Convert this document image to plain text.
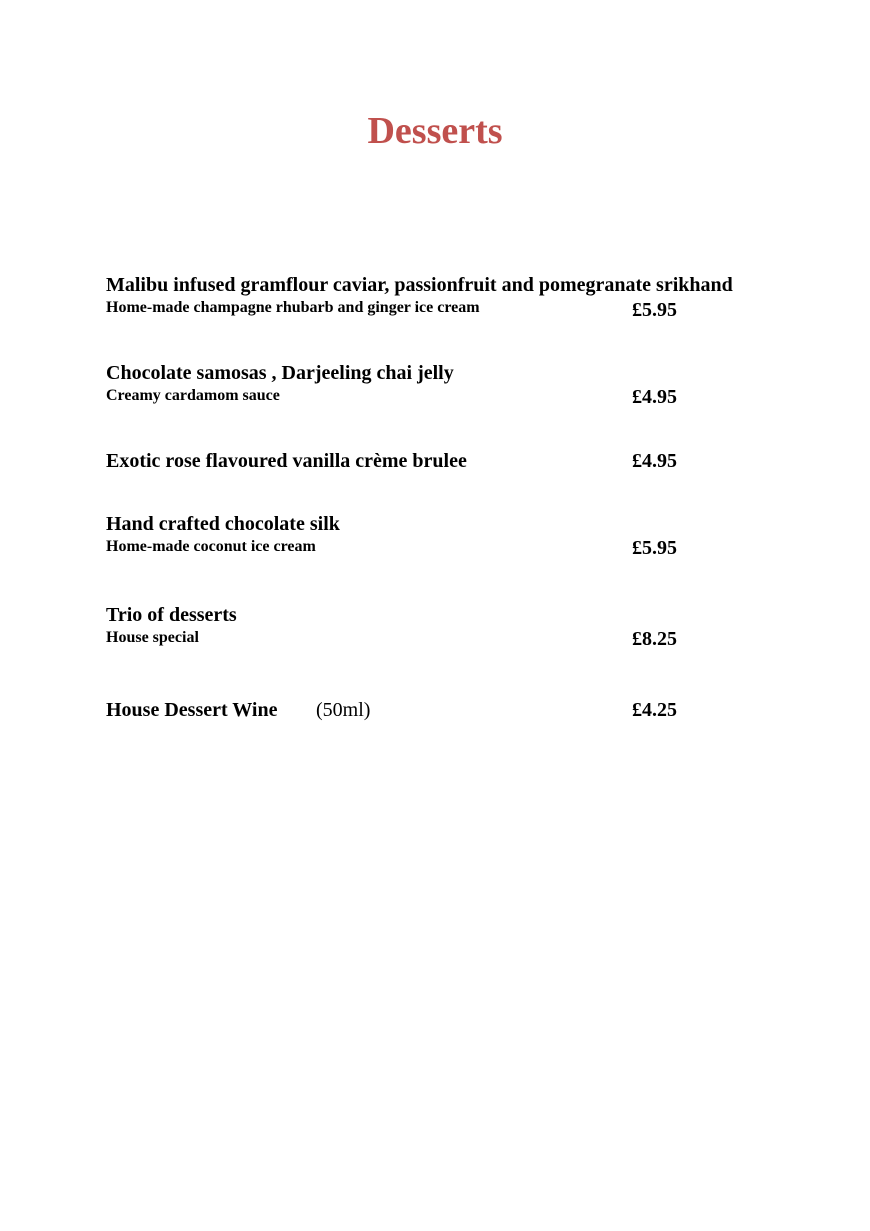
Desserts
Malibu infused gramflour caviar, passionfruit and pomegranate srikhand
Home-made champagne rhubarb and ginger ice cream	£5.95
Chocolate samosas , Darjeeling chai jelly
Creamy cardamom sauce	£4.95
Exotic rose flavoured vanilla crème brulee	£4.95
Hand crafted chocolate silk
Home-made coconut ice cream	£5.95
Trio of desserts
House special	£8.25
House Dessert Wine (50ml)	£4.25
